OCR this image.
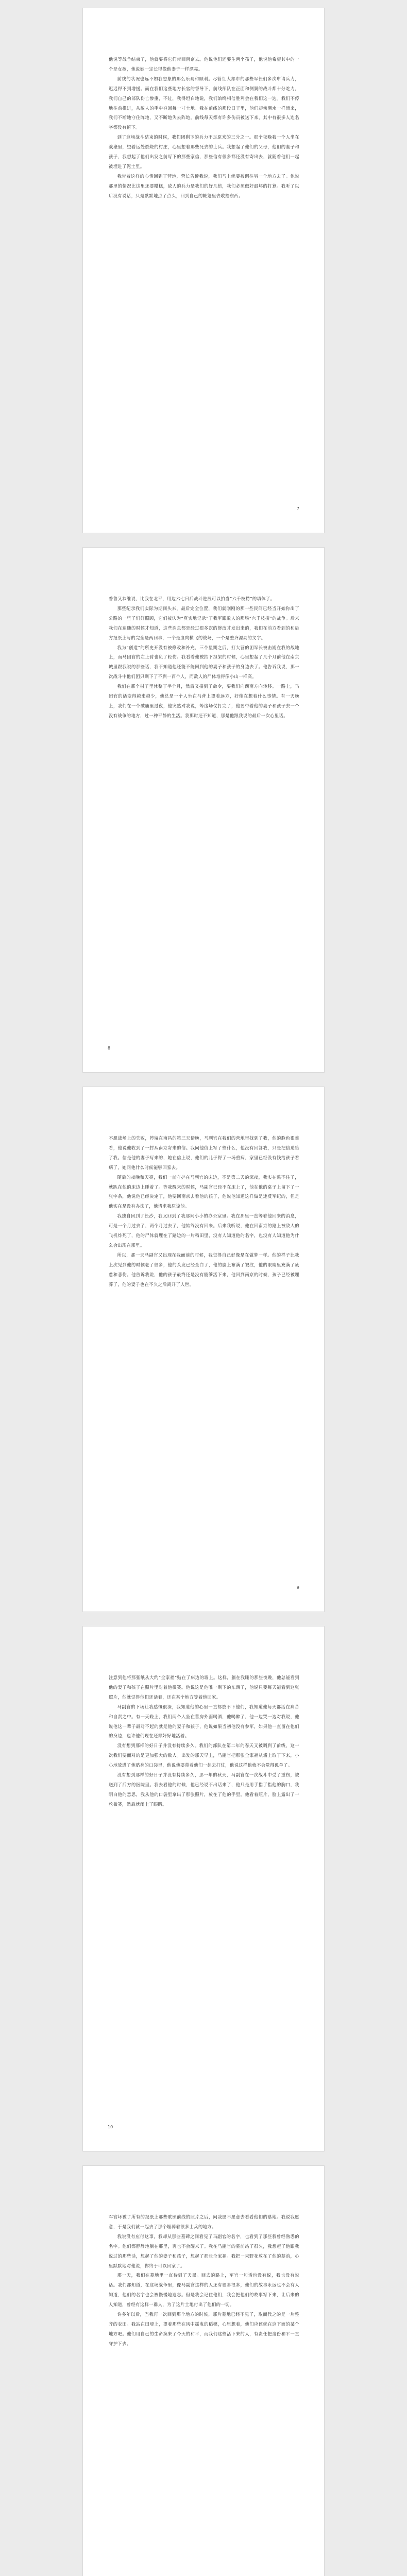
他说等战争结束了，他就要将它们带回南京去。他说他们还要生两个孩子，他说他希望其中的一个是女孩，他说她一定长得像他妻子一样漂亮。

前线的状况也远不如我想象的那么乐观和顺利。尽管红大都市的那些军长们多次申请兵力，迟迟得不到增援。而在我们这些地方长官的督导下，前线部队在正面和侧翼的战斗都十分吃力，我们自己的部队伤亡惨重，不过，我得坦白地说，我们始终相信胜利会在我们这一边。我们不停地往前推进，从敌人的手中夺回每一寸土地。我在前线的那段日子里，他们却像潮水一样涌来，我们不断地守住阵地，又不断地失去阵地。前线每天都有许多伤员被送下来，其中有很多人连名字都没有留下。

到了这场战斗结束的时候，我们团剩下的兵力不足原来的三分之一。那个夜晚我一个人坐在战壕里，望着远处燃烧的村庄，心里想着那些死去的士兵。我想起了他们的父母，他们的妻子和孩子，我想起了他们出发之前写下的那些家信，那些信有很多都还没有寄出去，就随着他们一起被埋进了泥土里。

我带着这样的心情回到了营地，营长告诉我说，我们马上就要被调往另一个地方去了。他说那里的情况比这里还要糟糕，敌人的兵力是我们的好几倍，我们必须做好最坏的打算。我听了以后没有说话，只是默默地点了点头，回到自己的帐篷里去收拾东西。

7

普鲁又恭维说，比我在北平，用边六七日后战斗进展可以拍当“六千枝捞”的填体了。

那些纪录我们实际为期间头来，最后完全位置，我们就刚刚的那一些民间已经当开始你出了公路的一些了们好照顾，它们被认为“真实地记录”了我军跟敌人的那场“六千枝捞”的战争。后来我们在追随的时候才知道，这些消息都是经过很多次的修改才发出来的，我们在前方看到的和后方报纸上写的完全是两回事，一个是血肉横飞的战场，一个是整齐漂亮的文字。

我为“创造”的所史开没有被修改和补充，三个星期之后，打大营的团军长被击毙在我的战地上，而马团官的左上臂也负了轻伤。我看着他被抬下担架的时候，心里想起了几个月前他在南京城里跟我说的那些话，我不知道他还能不能回到他的妻子和孩子的身边去了。他告诉我说，那一次战斗中他们团只剩下了不到一百个人，而敌人的尸体堆得像小山一样高。

我们在那个村子里休整了半个月，然后又接到了命令，要我们向西南方向转移。一路上，马团官的话变得越来越少，他总是一个人坐在马背上望着远方，好像在想着什么事情。有一天晚上，我们在一个破庙里过夜，他突然对我说，等这场仗打完了，他要带着他的妻子和孩子去一个没有战争的地方，过一种平静的生活。我那时还不知道，那是他跟我说的最后一次心里话。

8

不愿战场上的失败，停留在南昌的第三天傍晚，马副官在我们的营地里找到了我，他的脸色很难看，他说他收到了一封从南京寄来的信。我问他信上写了些什么，他没有回答我，只是把信递给了我。信是他的妻子写来的，她在信上说，他们的儿子得了一场重病，家里已经没有钱给孩子看病了，她问他什么时候能够回家去。

随后的夜晚和天亮，我们一直守护在马副官的床边，不是第二天的深夜，我实在熬不住了，就趴在他的床边上睡着了。等我醒来的时候，马副官已经不在床上了，他在他的桌子上留下了一张字条，他说他已经决定了，他要回南京去看他的孩子，他说他知道这样做是违反军纪的，但是他实在是没有办法了，他请求我原谅他。

我独自回到了长沙，我又回到了我那间小小的办公室里。我在那里一直等着他回来的消息，可是一个月过去了，两个月过去了，他始终没有回来。后来我听说，他在回南京的路上被敌人的飞机炸死了，他的尸体就埋在了路边的一片稻田里，没有人知道他的名字，也没有人知道他为什么会出现在那里。

所以，那一天马副官又出现在我面前的时候，我觉得自己好像是在做梦一样。他的样子比我上次见到他的时候老了很多，他的头发已经全白了，他的脸上布满了皱纹，他的眼睛里充满了疲惫和悲伤。他告诉我说，他的孩子最终还是没有能够活下来，他回到南京的时候，孩子已经被埋葬了，他的妻子也在不久之后离开了人世。

9

注意到他将那张纸从大约“全家福”贴在了床边的墙上。这样，躺在我睡的那些夜晚，他总能看到他的妻子和孩子在照片里对着他微笑。他说这是他唯一剩下的东西了，他说只要每天能看到这张照片，他就觉得他们还活着，还在某个地方等着他回家。

马副官的下场让我感慨很深，我知道他的心里一直都放不下他们，我知道他每天都活在痛苦和自责之中。有一天晚上，我们两个人坐在营房外面喝酒，他喝醉了，他一边哭一边对我说，他说他这一辈子最对不起的就是他的妻子和孩子，他说如果当初他没有参军，如果他一直留在他们的身边，也许他们现在还都好好地活着。

没有想到那样的好日子并没有持续多久。我们的部队在第二年的春天又被调到了前线，这一次我们要面对的是更加强大的敌人。出发的那天早上，马副官把那张全家福从墙上取了下来，小心地放进了他贴身的口袋里，他说他要带着他们一起去打仗，他说这样他就不会觉得孤单了。

没有想到那样的好日子并没有持续多久，那一年的秋天，马副官在一次战斗中受了重伤，被送到了后方的医院里。我去看他的时候，他已经说不出话来了，他只是用手指了指他的胸口，我明白他的意思，我从他的口袋里拿出了那张照片，放在了他的手里。他看着照片，脸上露出了一丝微笑，然后就闭上了眼睛。

10

军官坏被了所有的报纸上那些歌颂前线的照片之后，问我愿不愿意去看看他们的墓地。我说我愿意，于是我们就一起去了那个埋葬着很多士兵的地方。

我说没有应付这事，我却从那些墓碑之间看见了马副官的名字，也看到了那些我曾经熟悉的名字。他们都静静地躺在那里，再也不会醒来了。我在马副官的墓前站了很久，我想起了他跟我说过的那些话，想起了他的妻子和孩子，想起了那张全家福。我把一束野花放在了他的墓前，心里默默地对他说，你终于可以回家了。

那一天，我们在墓地里一直待到了天黑。回去的路上，军官一句话也没有说，我也没有说话。我们都知道，在这场战争里，像马副官这样的人还有很多很多，他们的故事永远也不会有人知道，他们的名字也会被慢慢地遗忘。但是我会记住他们，我会把他们的故事写下来，让后来的人知道，曾经有这样一群人，为了这片土地付出了他们的一切。

许多年以后，当我再一次回到那个地方的时候，那片墓地已经不见了，取而代之的是一片整齐的农田。我站在田埂上，望着那些在风中摇曳的稻穗，心里想着，他们应该就在这下面的某个地方吧。他们用自己的生命换来了今天的和平，而我们这些活下来的人，有责任把这份和平一直守护下去。
